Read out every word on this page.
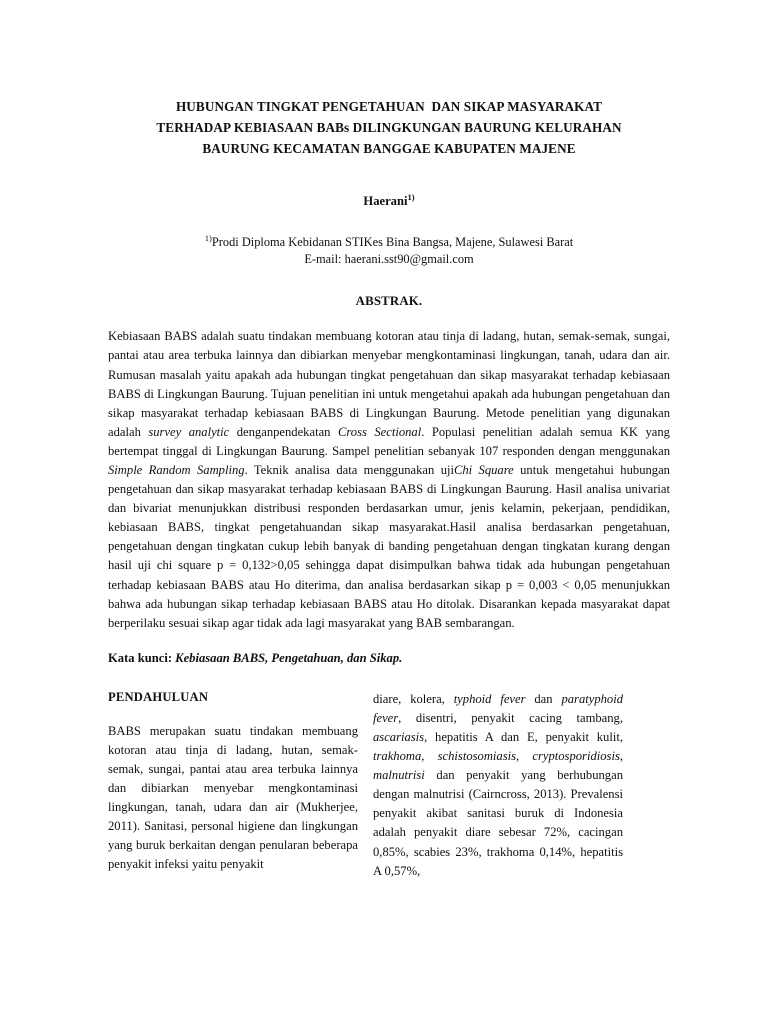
HUBUNGAN TINGKAT PENGETAHUAN  DAN SIKAP MASYARAKAT
TERHADAP KEBIASAAN BABs DILINGKUNGAN BAURUNG KELURAHAN
BAURUNG KECAMATAN BANGGAE KABUPATEN MAJENE
Haerani$^{1)}$
$^{1)}$Prodi Diploma Kebidanan STIKes Bina Bangsa, Majene, Sulawesi Barat
E-mail: haerani.sst90@gmail.com
ABSTRAK.
Kebiasaan BABS adalah suatu tindakan membuang kotoran atau tinja di ladang, hutan, semak-semak, sungai, pantai atau area terbuka lainnya dan dibiarkan menyebar mengkontaminasi lingkungan, tanah, udara dan air. Rumusan masalah yaitu apakah ada hubungan tingkat pengetahuan dan sikap masyarakat terhadap kebiasaan BABS di Lingkungan Baurung. Tujuan penelitian ini untuk mengetahui apakah ada hubungan pengetahuan dan sikap masyarakat terhadap kebiasaan BABS di Lingkungan Baurung. Metode penelitian yang digunakan adalah survey analytic denganpendekatan Cross Sectional. Populasi penelitian adalah semua KK yang bertempat tinggal di Lingkungan Baurung. Sampel penelitian sebanyak 107 responden dengan menggunakan Simple Random Sampling. Teknik analisa data menggunakan ujiChi Square untuk mengetahui hubungan pengetahuan dan sikap masyarakat terhadap kebiasaan BABS di Lingkungan Baurung. Hasil analisa univariat dan bivariat menunjukkan distribusi responden berdasarkan umur, jenis kelamin, pekerjaan, pendidikan, kebiasaan BABS, tingkat pengetahuandan sikap masyarakat.Hasil analisa berdasarkan pengetahuan, pengetahuan dengan tingkatan cukup lebih banyak di banding pengetahuan dengan tingkatan kurang dengan hasil uji chi square p = 0,132>0,05 sehingga dapat disimpulkan bahwa tidak ada hubungan pengetahuan terhadap kebiasaan BABS atau Ho diterima, dan analisa berdasarkan sikap p = 0,003 < 0,05 menunjukkan bahwa ada hubungan sikap terhadap kebiasaan BABS atau Ho ditolak. Disarankan kepada masyarakat dapat berperilaku sesuai sikap agar tidak ada lagi masyarakat yang BAB sembarangan.
Kata kunci: Kebiasaan BABS, Pengetahuan, dan Sikap.
PENDAHULUAN

BABS merupakan suatu tindakan membuang kotoran atau tinja di ladang, hutan, semak-semak, sungai, pantai atau area terbuka lainnya dan dibiarkan menyebar mengkontaminasi lingkungan, tanah, udara dan air (Mukherjee, 2011). Sanitasi, personal higiene dan lingkungan yang buruk berkaitan dengan penularan beberapa penyakit infeksi yaitu penyakit

diare, kolera, typhoid fever dan paratyphoid fever, disentri, penyakit cacing tambang, ascariasis, hepatitis A dan E, penyakit kulit, trakhoma, schistosomiasis, cryptosporidiosis, malnutrisi dan penyakit yang berhubungan dengan malnutrisi (Cairncross, 2013). Prevalensi penyakit akibat sanitasi buruk di Indonesia adalah penyakit diare sebesar 72%, cacingan 0,85%, scabies 23%, trakhoma 0,14%, hepatitis A 0,57%,
